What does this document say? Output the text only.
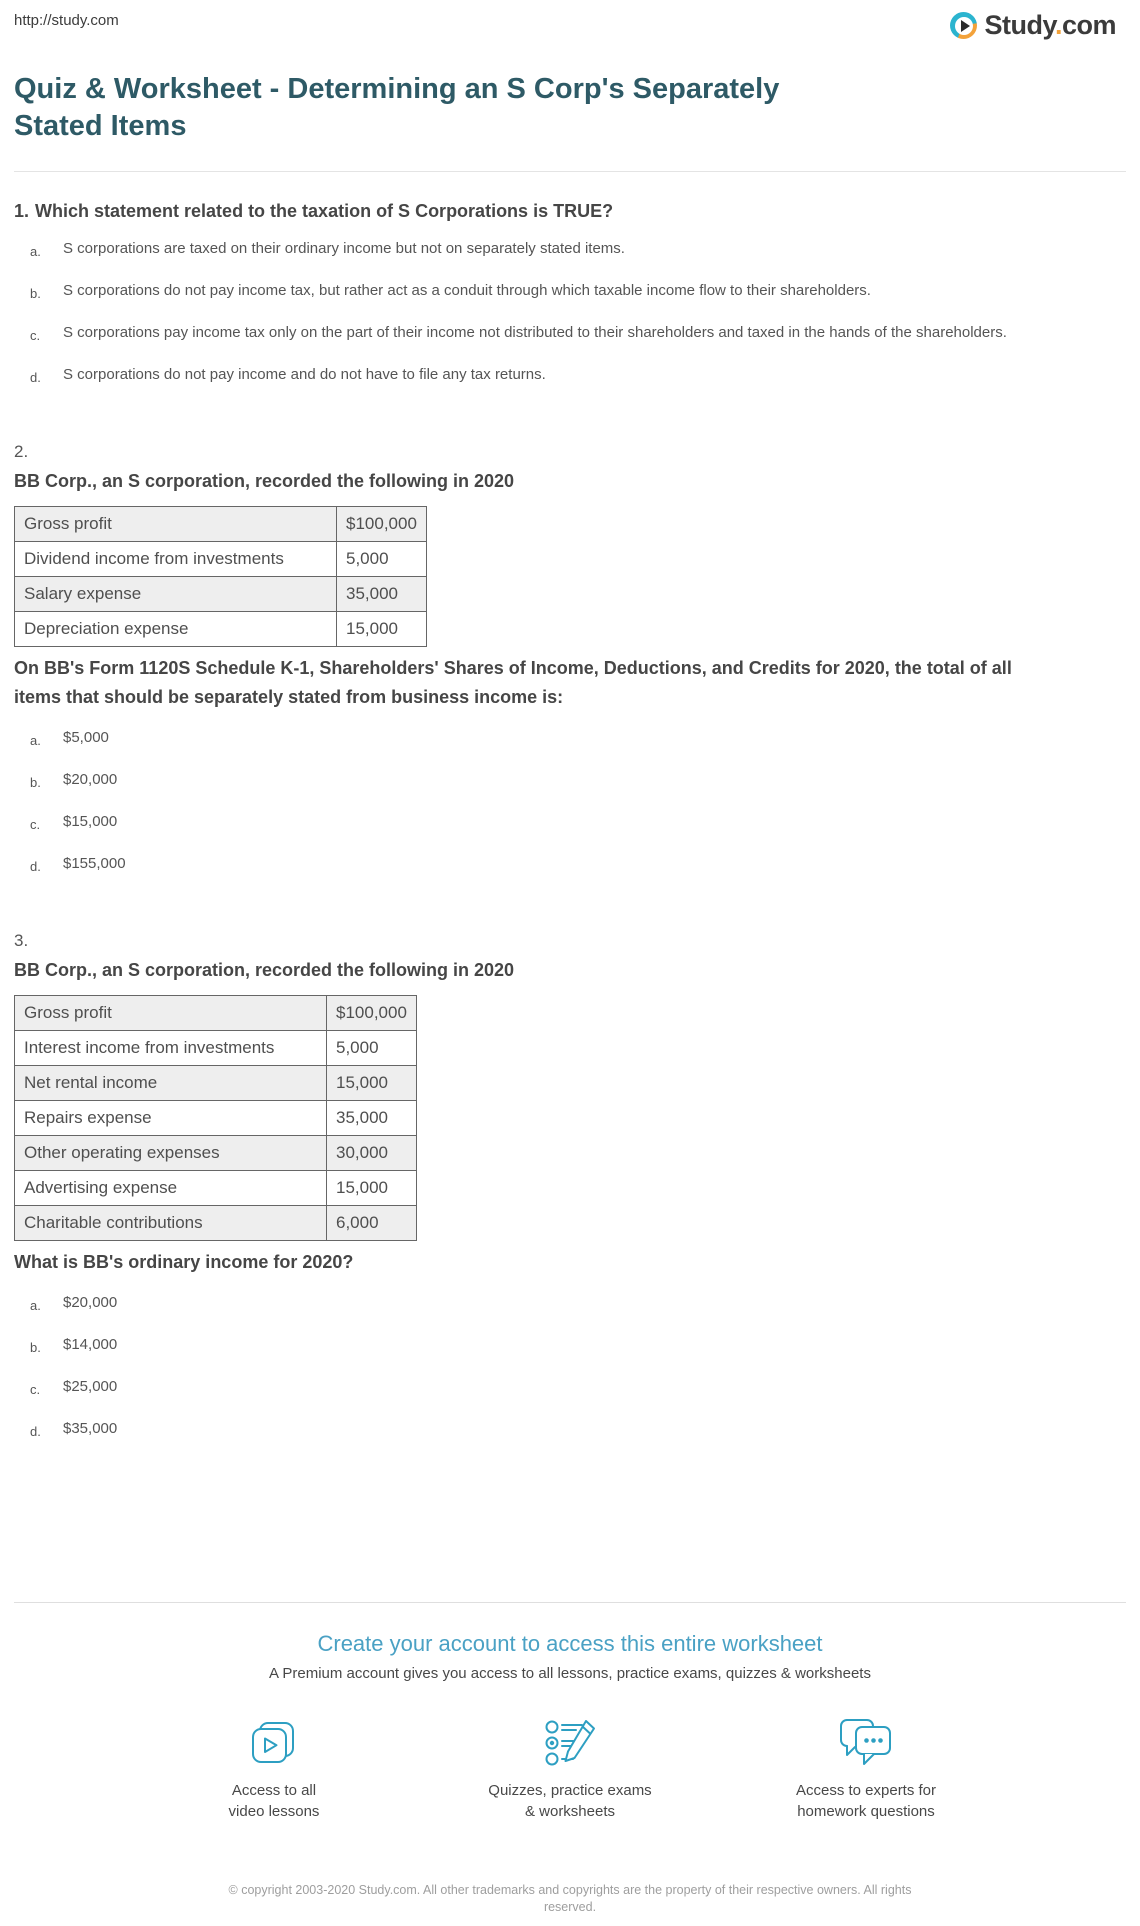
http://study.com	Study.com
Quiz & Worksheet - Determining an S Corp's Separately Stated Items
1. Which statement related to the taxation of S Corporations is TRUE?
a.	S corporations are taxed on their ordinary income but not on separately stated items.
b.	S corporations do not pay income tax, but rather act as a conduit through which taxable income flow to their shareholders.
c.	S corporations pay income tax only on the part of their income not distributed to their shareholders and taxed in the hands of the shareholders.
d.	S corporations do not pay income and do not have to file any tax returns.
2.
BB Corp., an S corporation, recorded the following in 2020
Gross profit	$100,000
Dividend income from investments	5,000
Salary expense	35,000
Depreciation expense	15,000
On BB's Form 1120S Schedule K-1, Shareholders' Shares of Income, Deductions, and Credits for 2020, the total of all items that should be separately stated from business income is:
a.	$5,000
b.	$20,000
c.	$15,000
d.	$155,000
3.
BB Corp., an S corporation, recorded the following in 2020
Gross profit	$100,000
Interest income from investments	5,000
Net rental income	15,000
Repairs expense	35,000
Other operating expenses	30,000
Advertising expense	15,000
Charitable contributions	6,000
What is BB's ordinary income for 2020?
a.	$20,000
b.	$14,000
c.	$25,000
d.	$35,000
Create your account to access this entire worksheet
A Premium account gives you access to all lessons, practice exams, quizzes & worksheets
Access to all
video lessons
Quizzes, practice exams
& worksheets
Access to experts for
homework questions
© copyright 2003-2020 Study.com. All other trademarks and copyrights are the property of their respective owners. All rights reserved.
